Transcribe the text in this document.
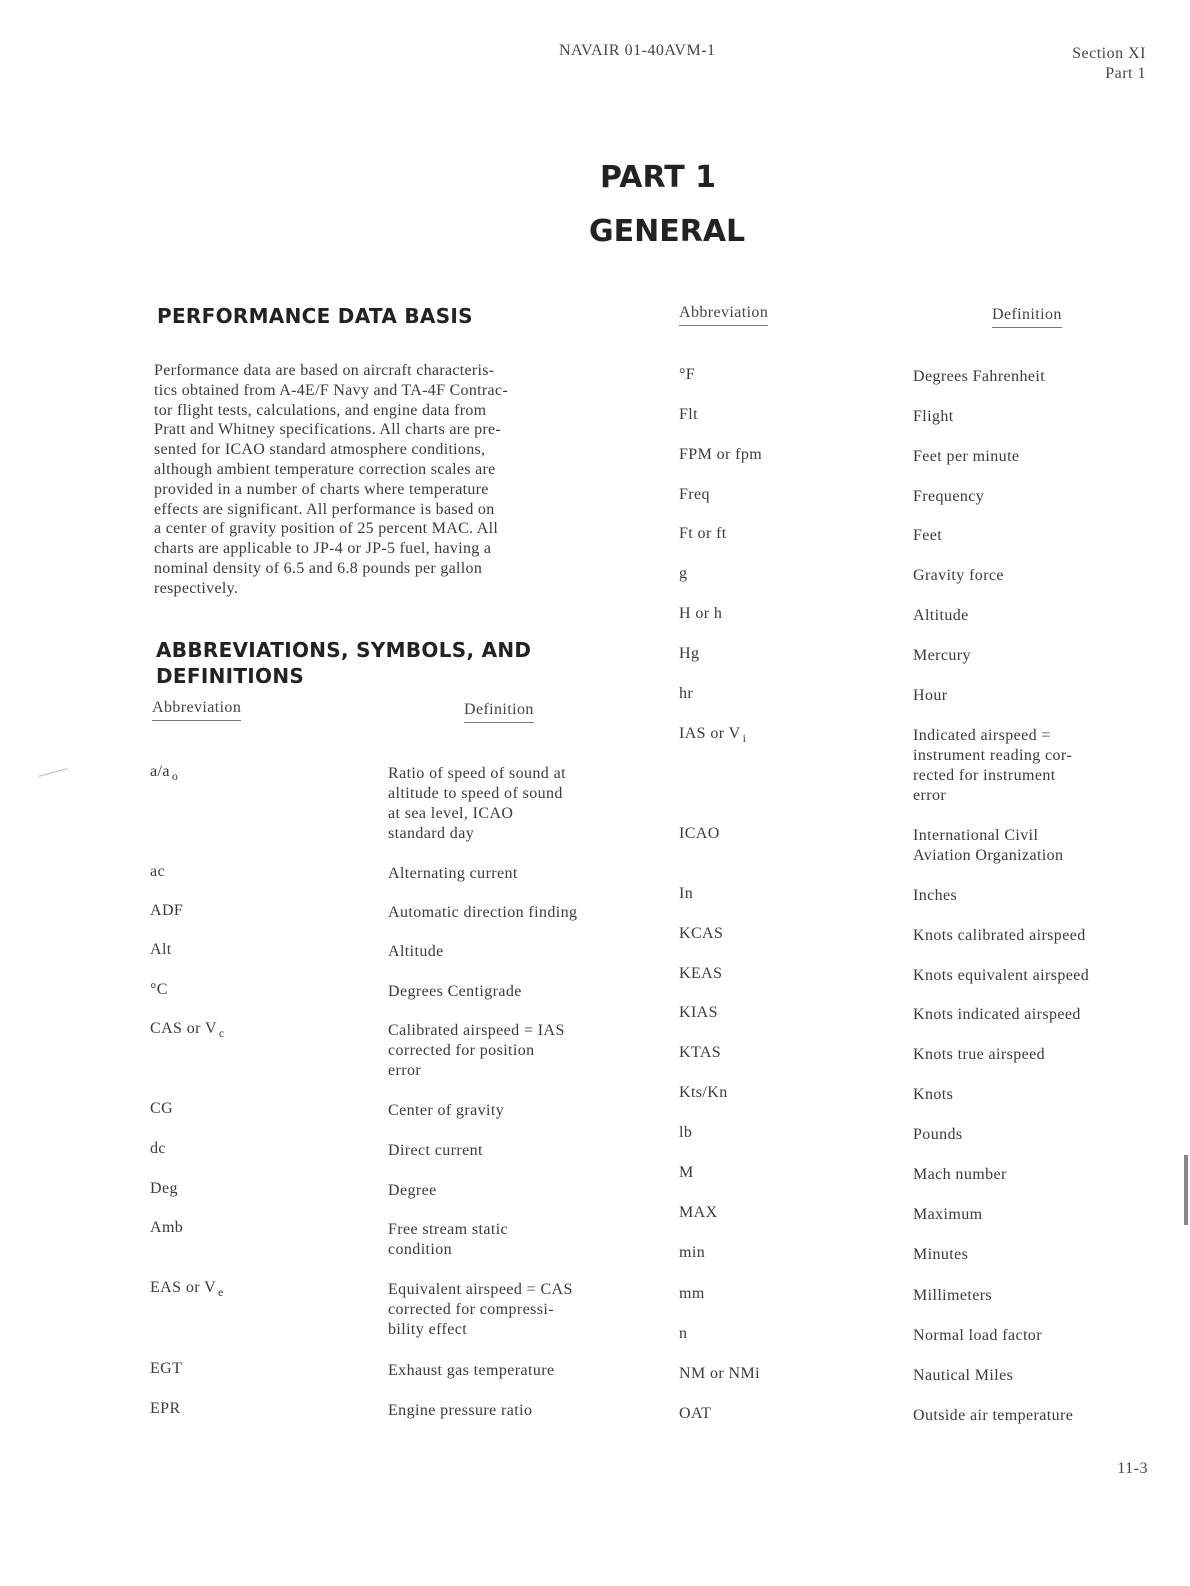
NAVAIR 01-40AVM-1	Section XI
Part 1
PART 1
GENERAL
PERFORMANCE DATA BASIS
Performance data are based on aircraft characteris-
tics obtained from A-4E/F Navy and TA-4F Contrac-
tor flight tests, calculations, and engine data from
Pratt and Whitney specifications. All charts are pre-
sented for ICAO standard atmosphere conditions,
although ambient temperature correction scales are
provided in a number of charts where temperature
effects are significant. All performance is based on
a center of gravity position of 25 percent MAC. All
charts are applicable to JP-4 or JP-5 fuel, having a
nominal density of 6.5 and 6.8 pounds per gallon
respectively.
ABBREVIATIONS, SYMBOLS, AND
DEFINITIONS
Abbreviation	Definition
Abbreviation	Definition
a/a $_o$	Ratio of speed of sound at
altitude to speed of sound
at sea level, ICAO
standard day
ac	Alternating current
ADF	Automatic direction finding
Alt	Altitude
°C	Degrees Centigrade
CAS or V $_c$	Calibrated airspeed = IAS
corrected for position
error
CG	Center of gravity
dc	Direct current
Deg	Degree
Amb	Free stream static
condition
EAS or V $_e$	Equivalent airspeed = CAS
corrected for compressi-
bility effect
EGT	Exhaust gas temperature
EPR	Engine pressure ratio
°F	Degrees Fahrenheit
Flt	Flight
FPM or fpm	Feet per minute
Freq	Frequency
Ft or ft	Feet
g	Gravity force
H or h	Altitude
Hg	Mercury
hr	Hour
IAS or V $_i$	Indicated airspeed =
instrument reading cor-
rected for instrument
error
ICAO	International Civil
Aviation Organization
In	Inches
KCAS	Knots calibrated airspeed
KEAS	Knots equivalent airspeed
KIAS	Knots indicated airspeed
KTAS	Knots true airspeed
Kts/Kn	Knots
lb	Pounds
M	Mach number
MAX	Maximum
min	Minutes
mm	Millimeters
n	Normal load factor
NM or NMi	Nautical Miles
OAT	Outside air temperature
11-3
